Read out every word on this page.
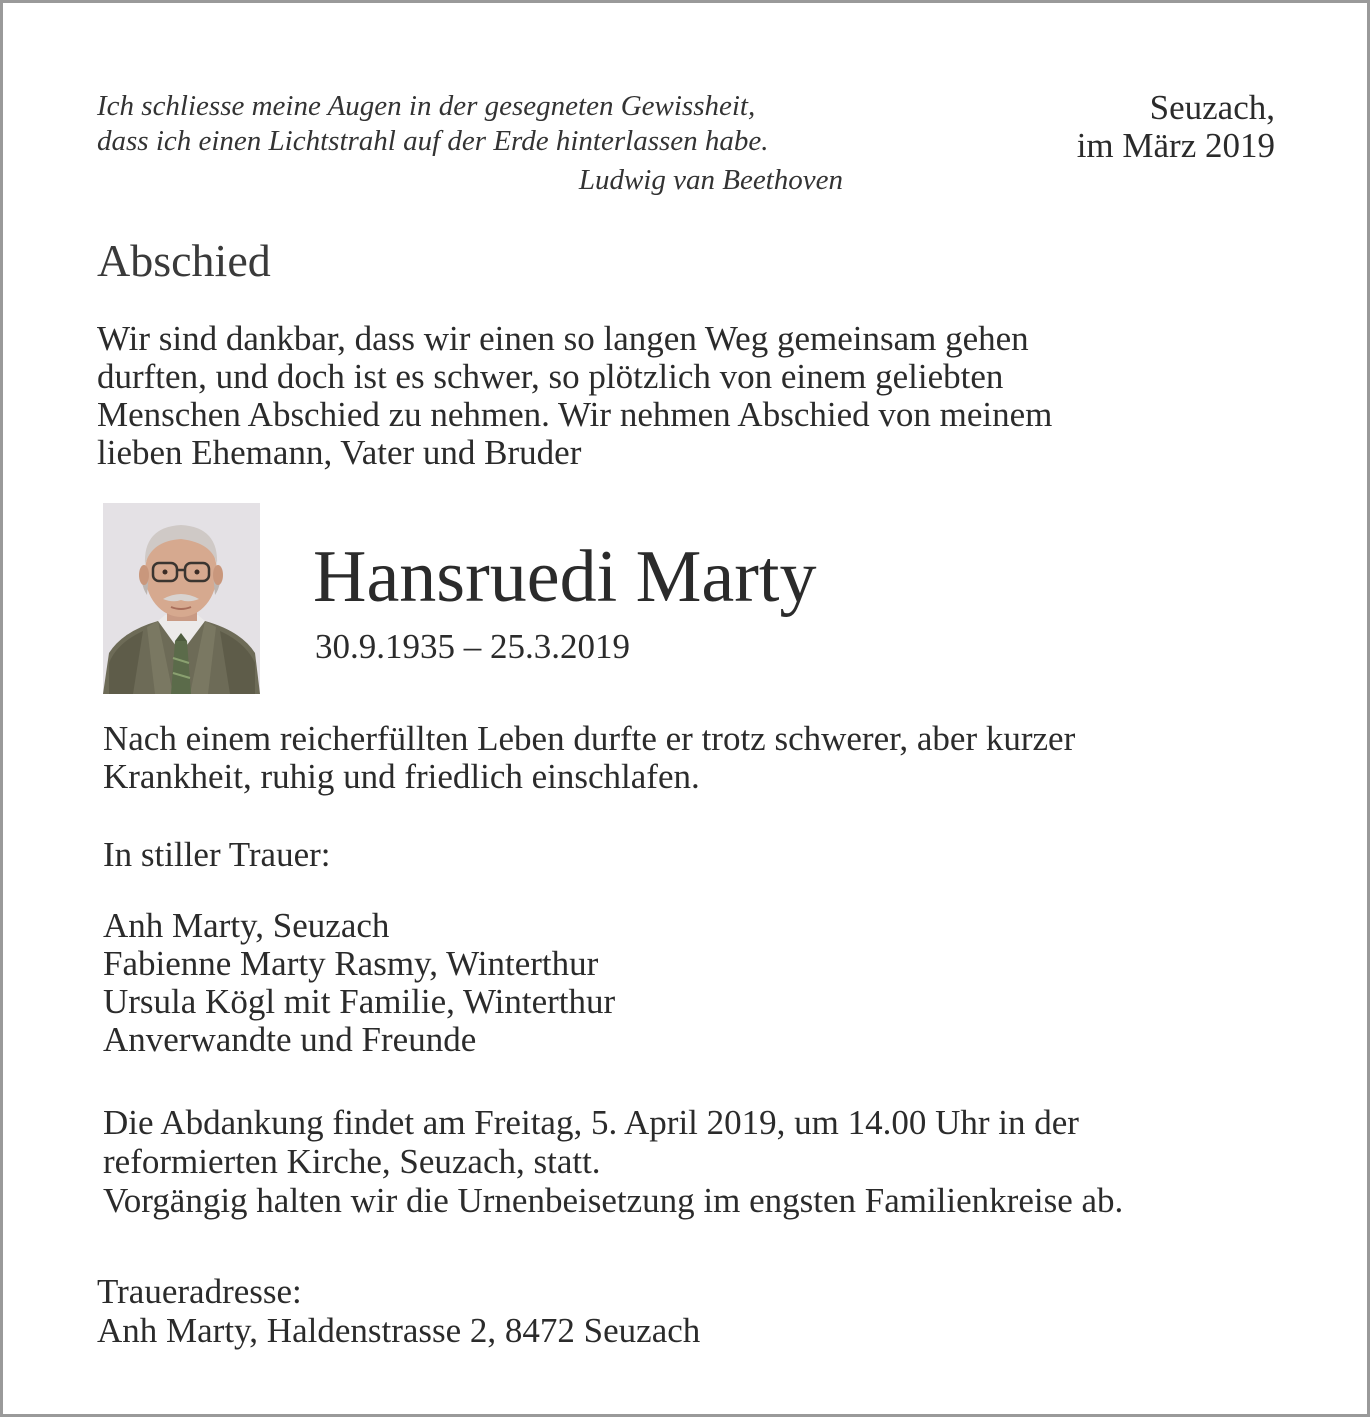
Ich schliesse meine Augen in der gesegneten Gewissheit,
dass ich einen Lichtstrahl auf der Erde hinterlassen habe.
Ludwig van Beethoven
Seuzach,
im März 2019
Abschied
Wir sind dankbar, dass wir einen so langen Weg gemeinsam gehen
durften, und doch ist es schwer, so plötzlich von einem geliebten
Menschen Abschied zu nehmen. Wir nehmen Abschied von meinem
lieben Ehemann, Vater und Bruder
Hansruedi Marty
30.9.1935 – 25.3.2019
Nach einem reicherfüllten Leben durfte er trotz schwerer, aber kurzer
Krankheit, ruhig und friedlich einschlafen.
In stiller Trauer:
Anh Marty, Seuzach
Fabienne Marty Rasmy, Winterthur
Ursula Kögl mit Familie, Winterthur
Anverwandte und Freunde
Die Abdankung findet am Freitag, 5. April 2019, um 14.00 Uhr in der
reformierten Kirche, Seuzach, statt.
Vorgängig halten wir die Urnenbeisetzung im engsten Familienkreise ab.
Traueradresse:
Anh Marty, Haldenstrasse 2, 8472 Seuzach
